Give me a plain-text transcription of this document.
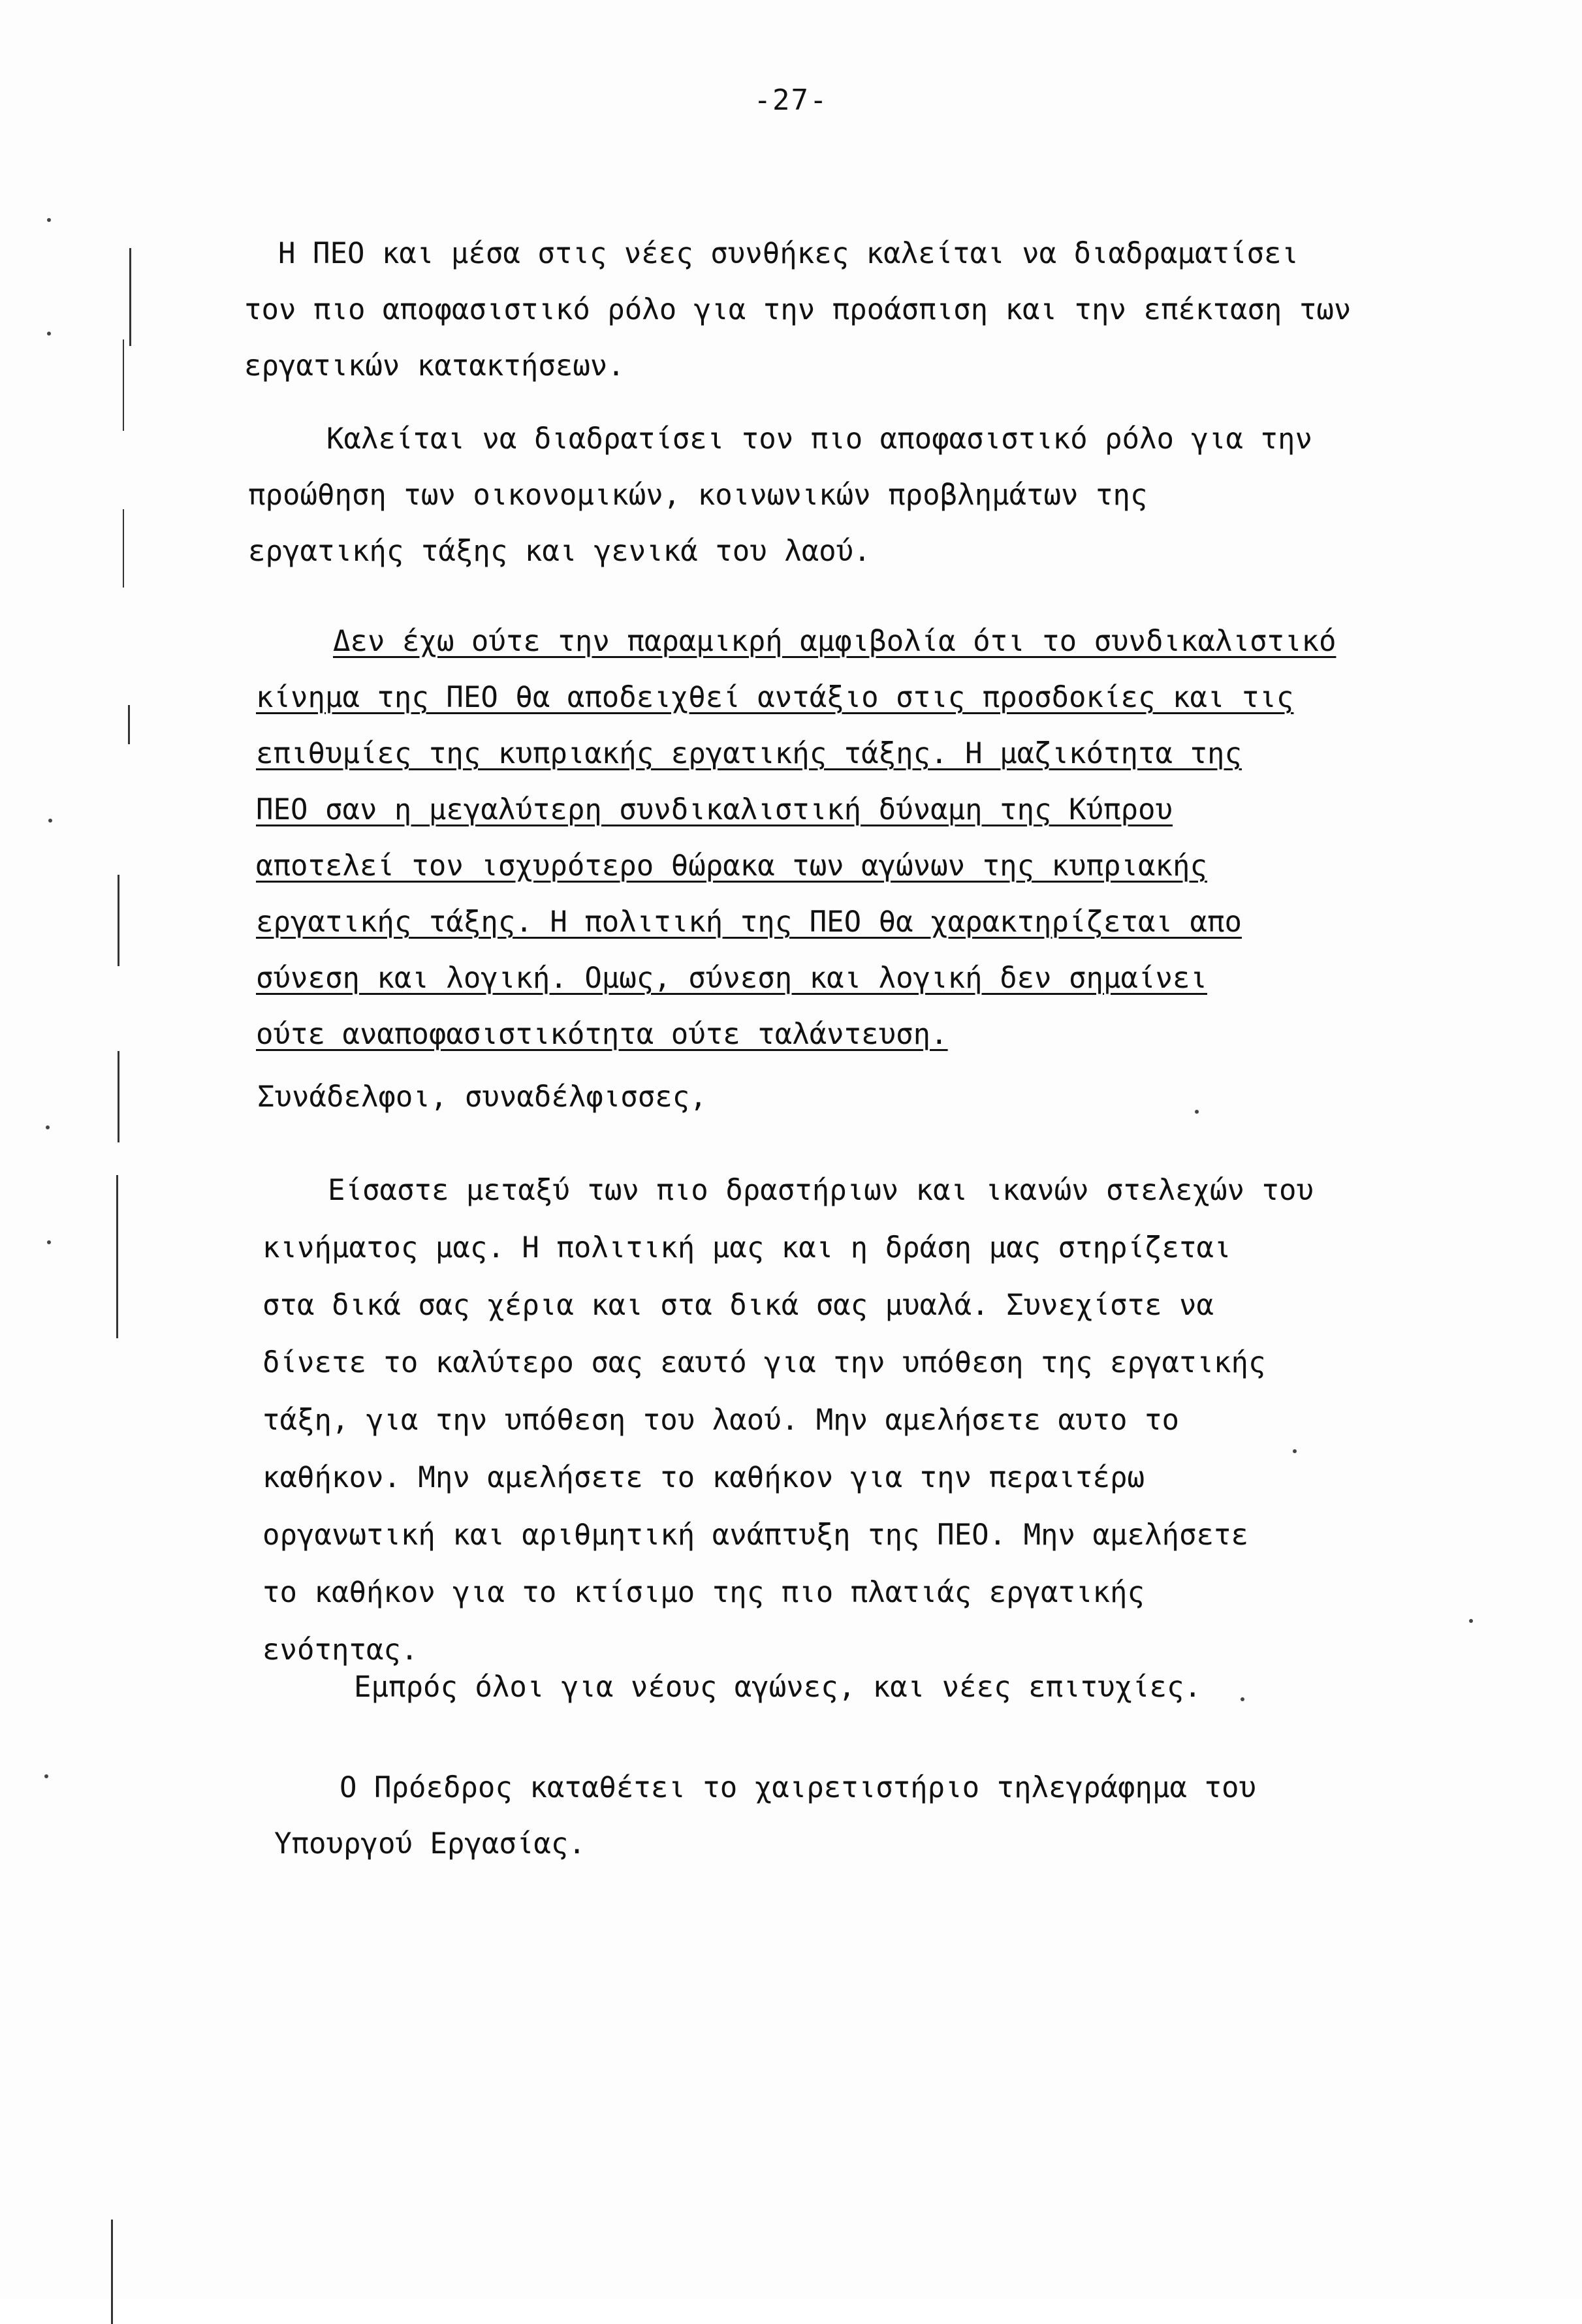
-27-
Η ΠΕΟ και μέσα στις νέες συνθήκες καλείται να διαδραματίσει
τον πιο αποφασιστικό ρόλο για την προάσπιση και την επέκταση των
εργατικών κατακτήσεων.
Καλείται να διαδρατίσει τον πιο αποφασιστικό ρόλο για την
προώθηση των οικονομικών, κοινωνικών προβλημάτων της
εργατικής τάξης και γενικά του λαού.
Δεν έχω ούτε την παραμικρή αμφιβολία ότι το συνδικαλιστικό
κίνημα της ΠΕΟ θα αποδειχθεί αντάξιο στις προσδοκίες και τις
επιθυμίες της κυπριακής εργατικής τάξης. Η μαζικότητα της
ΠΕΟ σαν η μεγαλύτερη συνδικαλιστική δύναμη της Κύπρου
αποτελεί τον ισχυρότερο θώρακα των αγώνων της κυπριακής
εργατικής τάξης. Η πολιτική της ΠΕΟ θα χαρακτηρίζεται απο
σύνεση και λογική. Ομως, σύνεση και λογική δεν σημαίνει
ούτε αναποφασιστικότητα ούτε ταλάντευση.
Συνάδελφοι, συναδέλφισσες,
Είσαστε μεταξύ των πιο δραστήριων και ικανών στελεχών του
κινήματος μας. Η πολιτική μας και η δράση μας στηρίζεται
στα δικά σας χέρια και στα δικά σας μυαλά. Συνεχίστε να
δίνετε το καλύτερο σας εαυτό για την υπόθεση της εργατικής
τάξη, για την υπόθεση του λαού. Μην αμελήσετε αυτο το
καθήκον. Μην αμελήσετε το καθήκον για την περαιτέρω
οργανωτική και αριθμητική ανάπτυξη της ΠΕΟ. Μην αμελήσετε
το καθήκον για το κτίσιμο της πιο πλατιάς εργατικής
ενότητας.
Εμπρός όλοι για νέους αγώνες, και νέες επιτυχίες.
Ο Πρόεδρος καταθέτει το χαιρετιστήριο τηλεγράφημα του
Υπουργού Εργασίας.
